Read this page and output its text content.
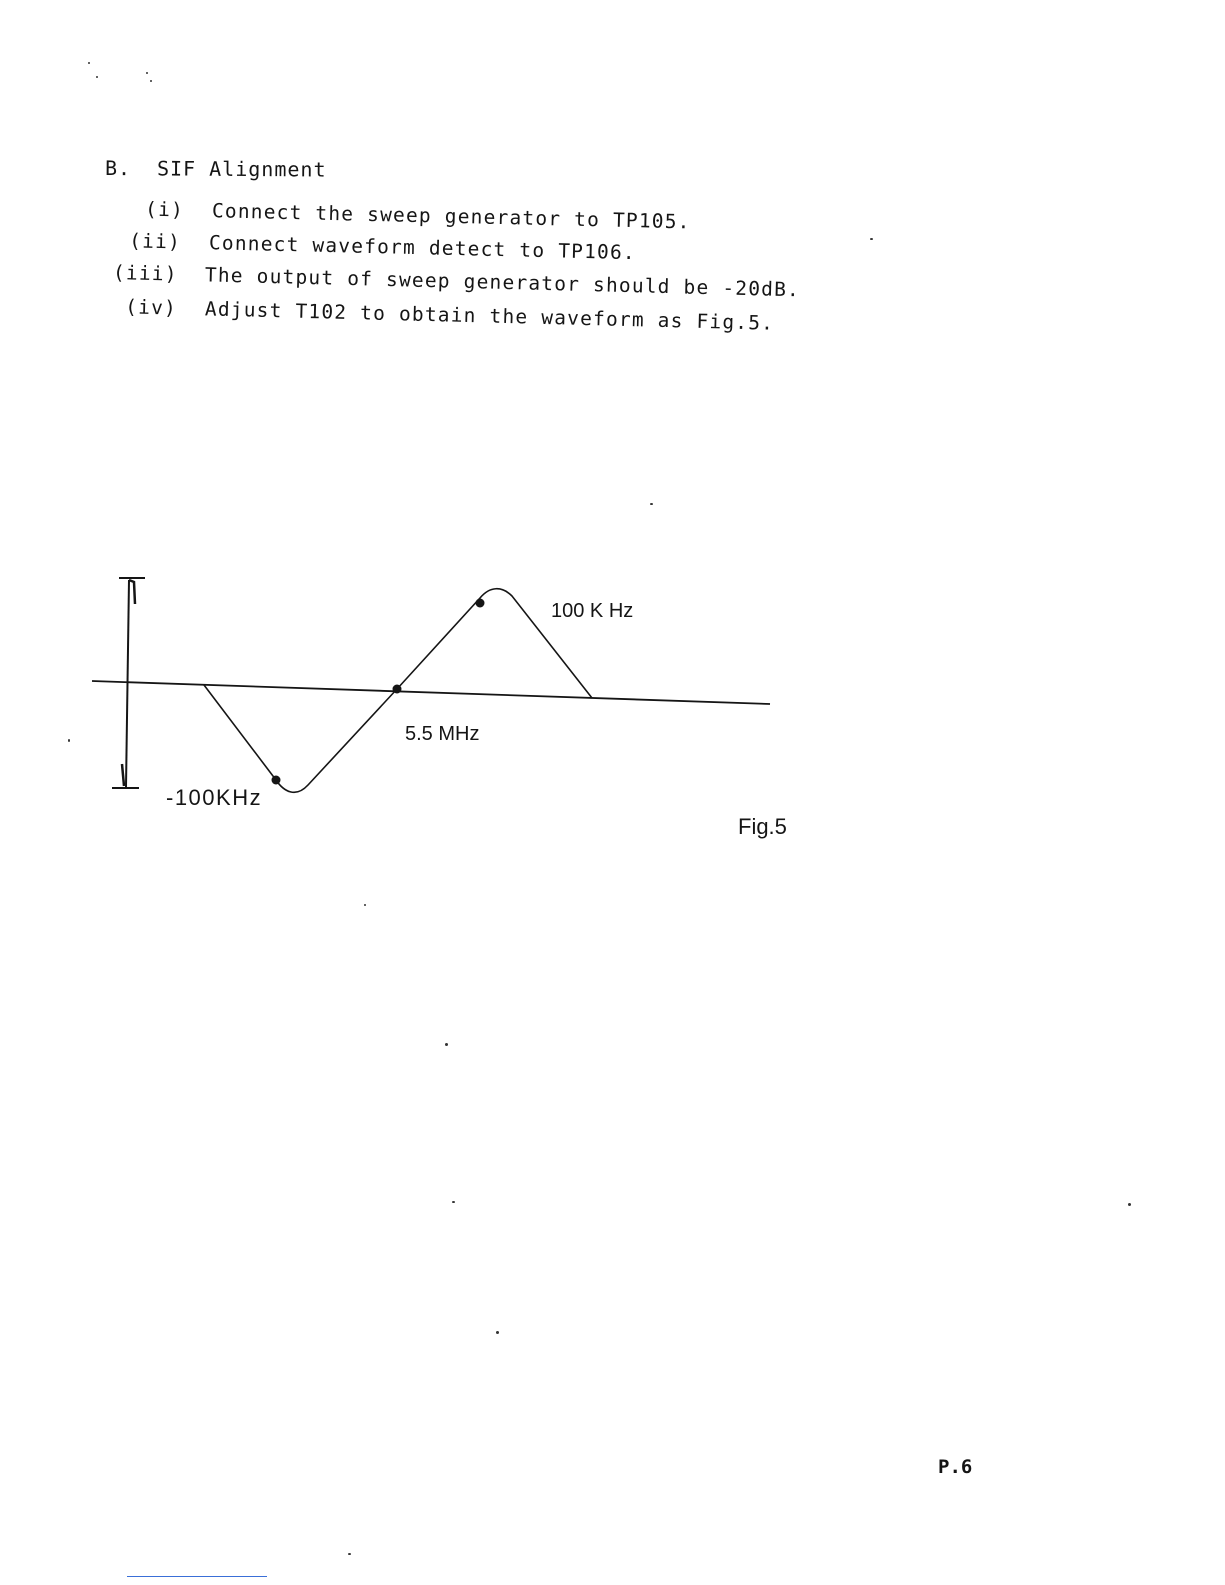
B. SIF Alignment
(i) Connect the sweep generator to TP105.
(ii) Connect waveform detect to TP106.
(iii) The output of sweep generator should be -20dB.
(iv) Adjust T102 to obtain the waveform as Fig.5.
100 K Hz
5.5 MHz
-100KHz
Fig.5
P.6
